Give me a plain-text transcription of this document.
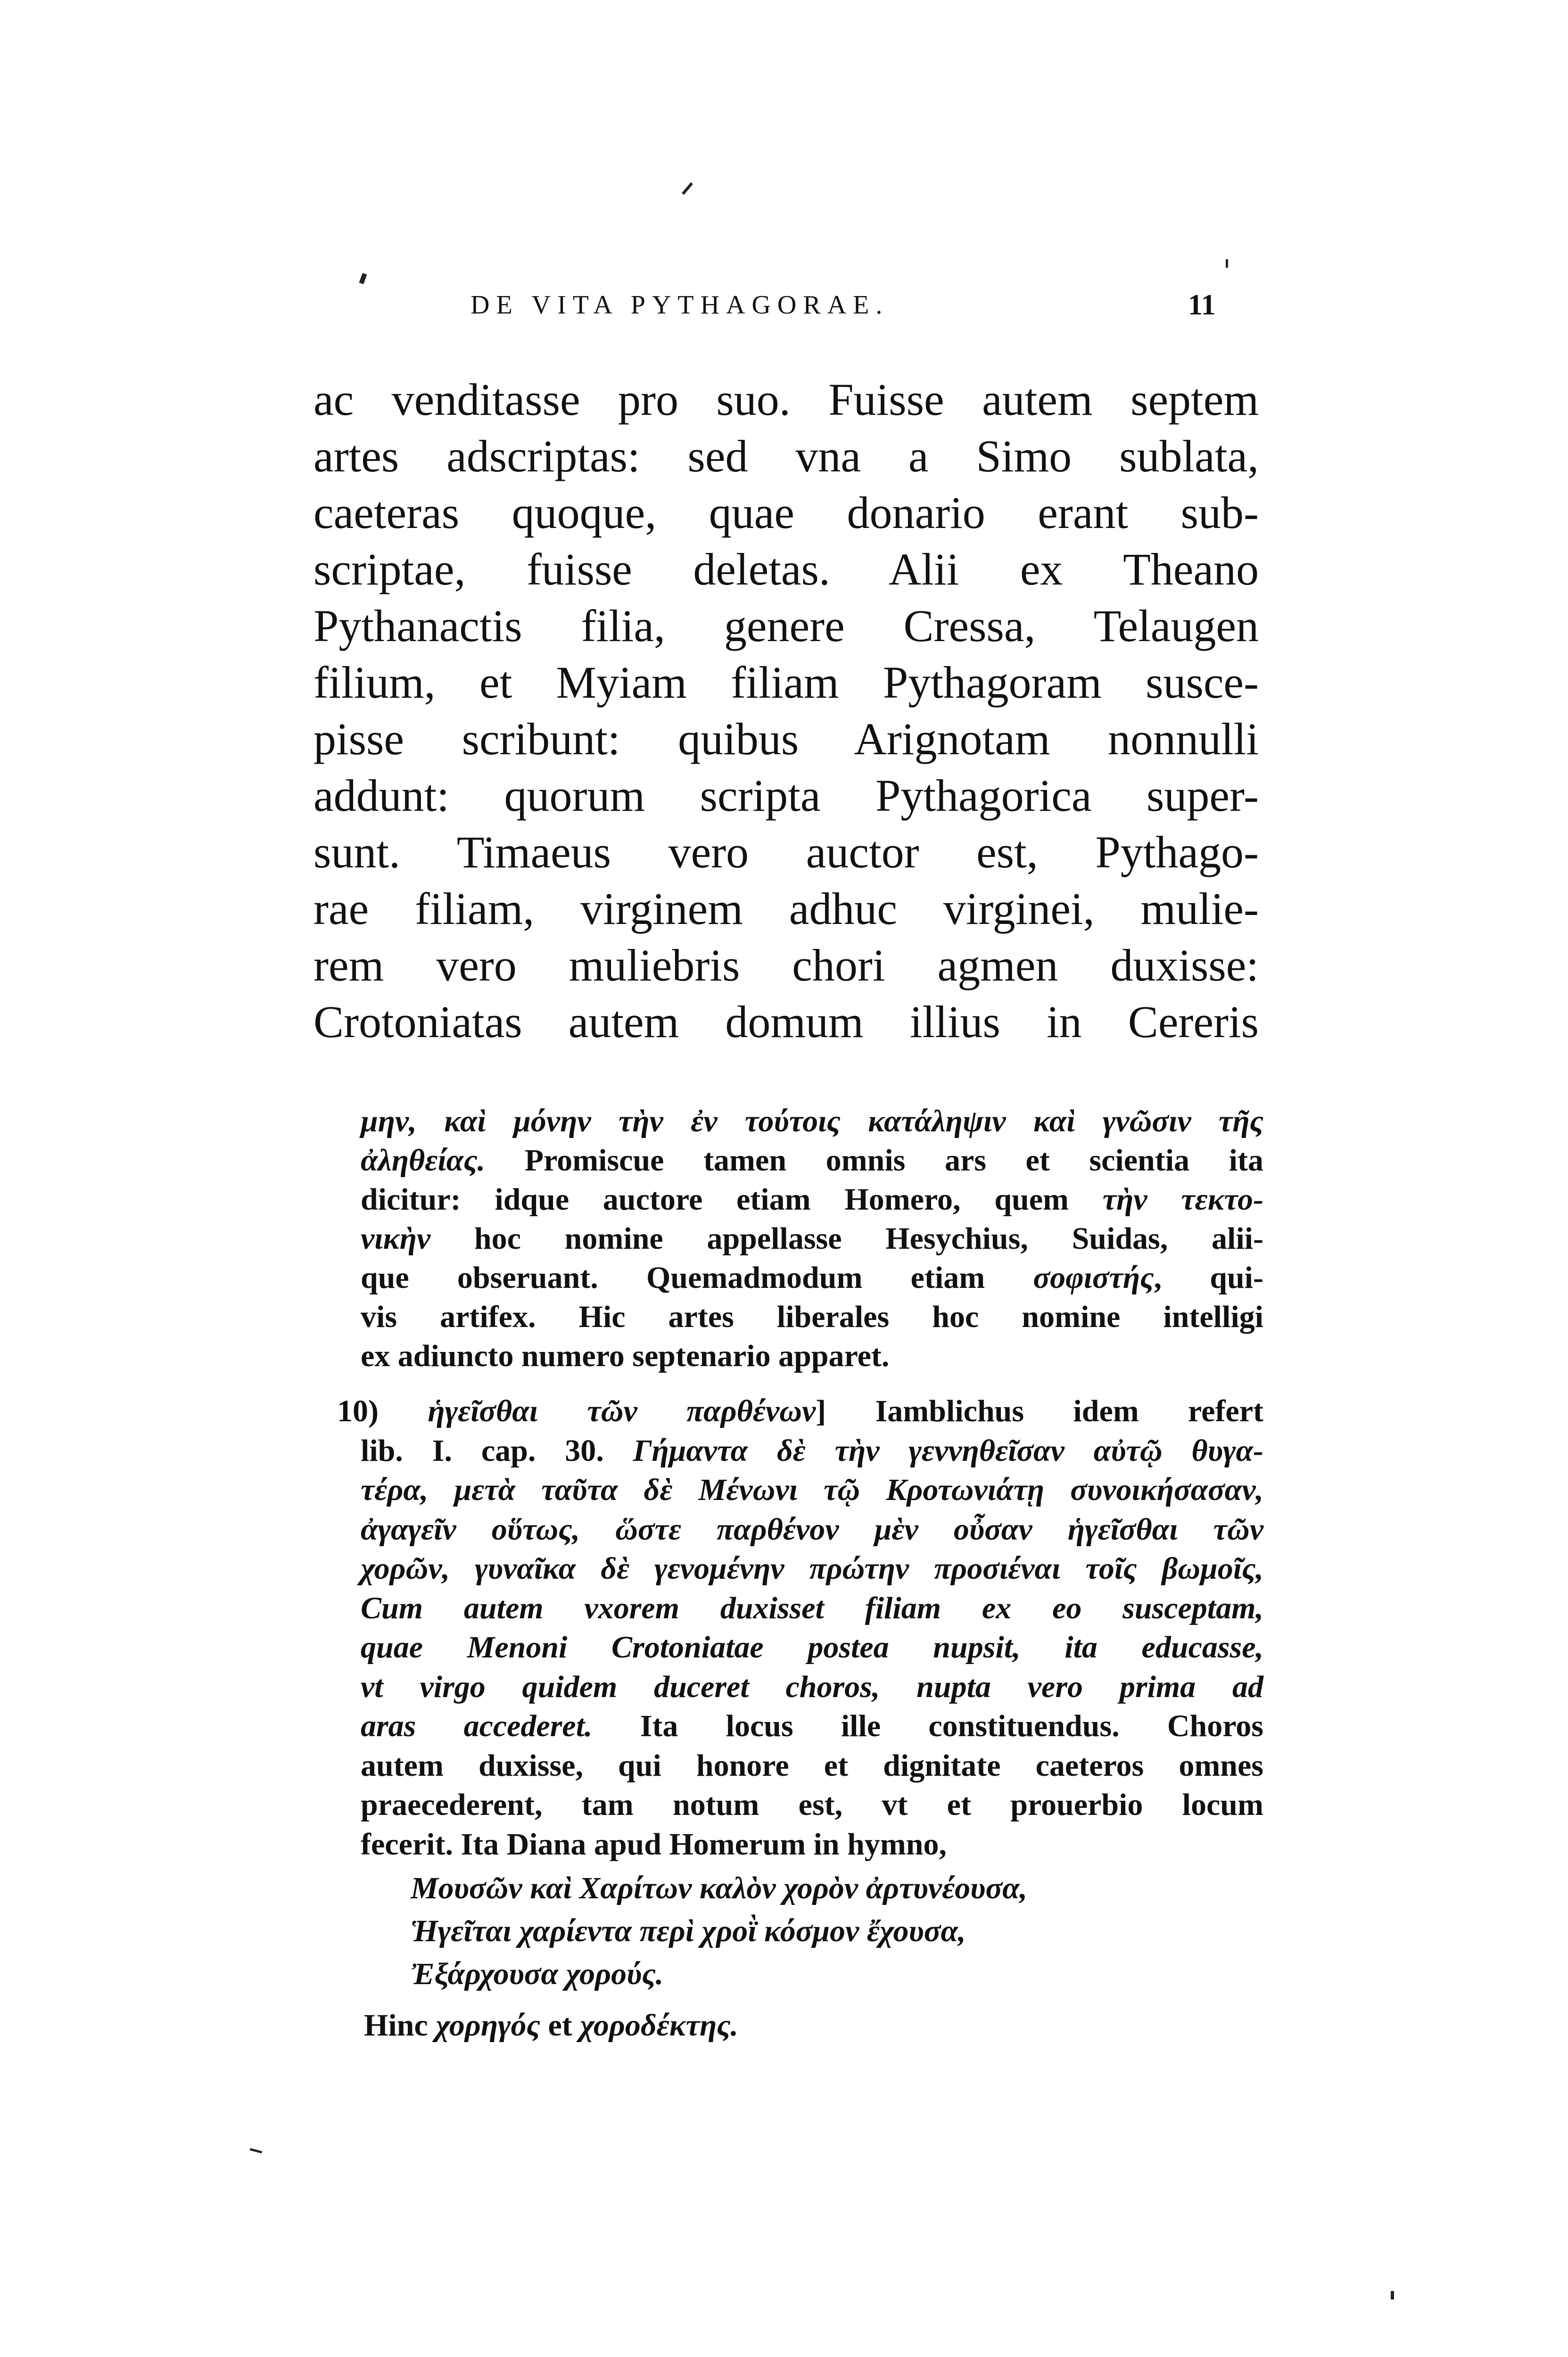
DE VITA PYTHAGORAE.	11
ac venditasse pro suo. Fuisse autem septem
artes adscriptas: sed vna a Simo sublata,
caeteras quoque, quae donario erant sub-
scriptae, fuisse deletas. Alii ex Theano
Pythanactis filia, genere Cressa, Telaugen
filium, et Myiam filiam Pythagoram susce-
pisse scribunt: quibus Arignotam nonnulli
addunt: quorum scripta Pythagorica super-
sunt. Timaeus vero auctor est, Pythago-
rae filiam, virginem adhuc virginei, mulie-
rem vero muliebris chori agmen duxisse:
Crotoniatas autem domum illius in Cereris
μην, καὶ μόνην τὴν ἐν τούτοις κατάληψιν καὶ γνῶσιν τῆς
ἀληθείας. Promiscue tamen omnis ars et scientia ita
dicitur: idque auctore etiam Homero, quem τὴν τεκτο-
νικὴν hoc nomine appellasse Hesychius, Suidas, alii-
que obseruant. Quemadmodum etiam σοφιστής, qui-
vis artifex. Hic artes liberales hoc nomine intelligi
ex adiuncto numero septenario apparet.
10) ἡγεῖσθαι τῶν παρθένων] Iamblichus idem refert
lib. I. cap. 30. Γήμαντα δὲ τὴν γεννηθεῖσαν αὐτῷ θυγα-
τέρα, μετὰ ταῦτα δὲ Μένωνι τῷ Κροτωνιάτῃ συνοικήσασαν,
ἀγαγεῖν οὕτως, ὥστε παρθένον μὲν οὖσαν ἡγεῖσθαι τῶν
χορῶν, γυναῖκα δὲ γενομένην πρώτην προσιέναι τοῖς βωμοῖς,
Cum autem vxorem duxisset filiam ex eo susceptam,
quae Menoni Crotoniatae postea nupsit, ita educasse,
vt virgo quidem duceret choros, nupta vero prima ad
aras accederet. Ita locus ille constituendus. Choros
autem duxisse, qui honore et dignitate caeteros omnes
praecederent, tam notum est, vt et prouerbio locum
fecerit. Ita Diana apud Homerum in hymno,
Μουσῶν καὶ Χαρίτων καλὸν χορὸν ἀρτυνέουσα,
Ἡγεῖται χαρίεντα περὶ χροῒ κόσμον ἔχουσα,
Ἐξάρχουσα χορούς.
Hinc χορηγός et χοροδέκτης.
